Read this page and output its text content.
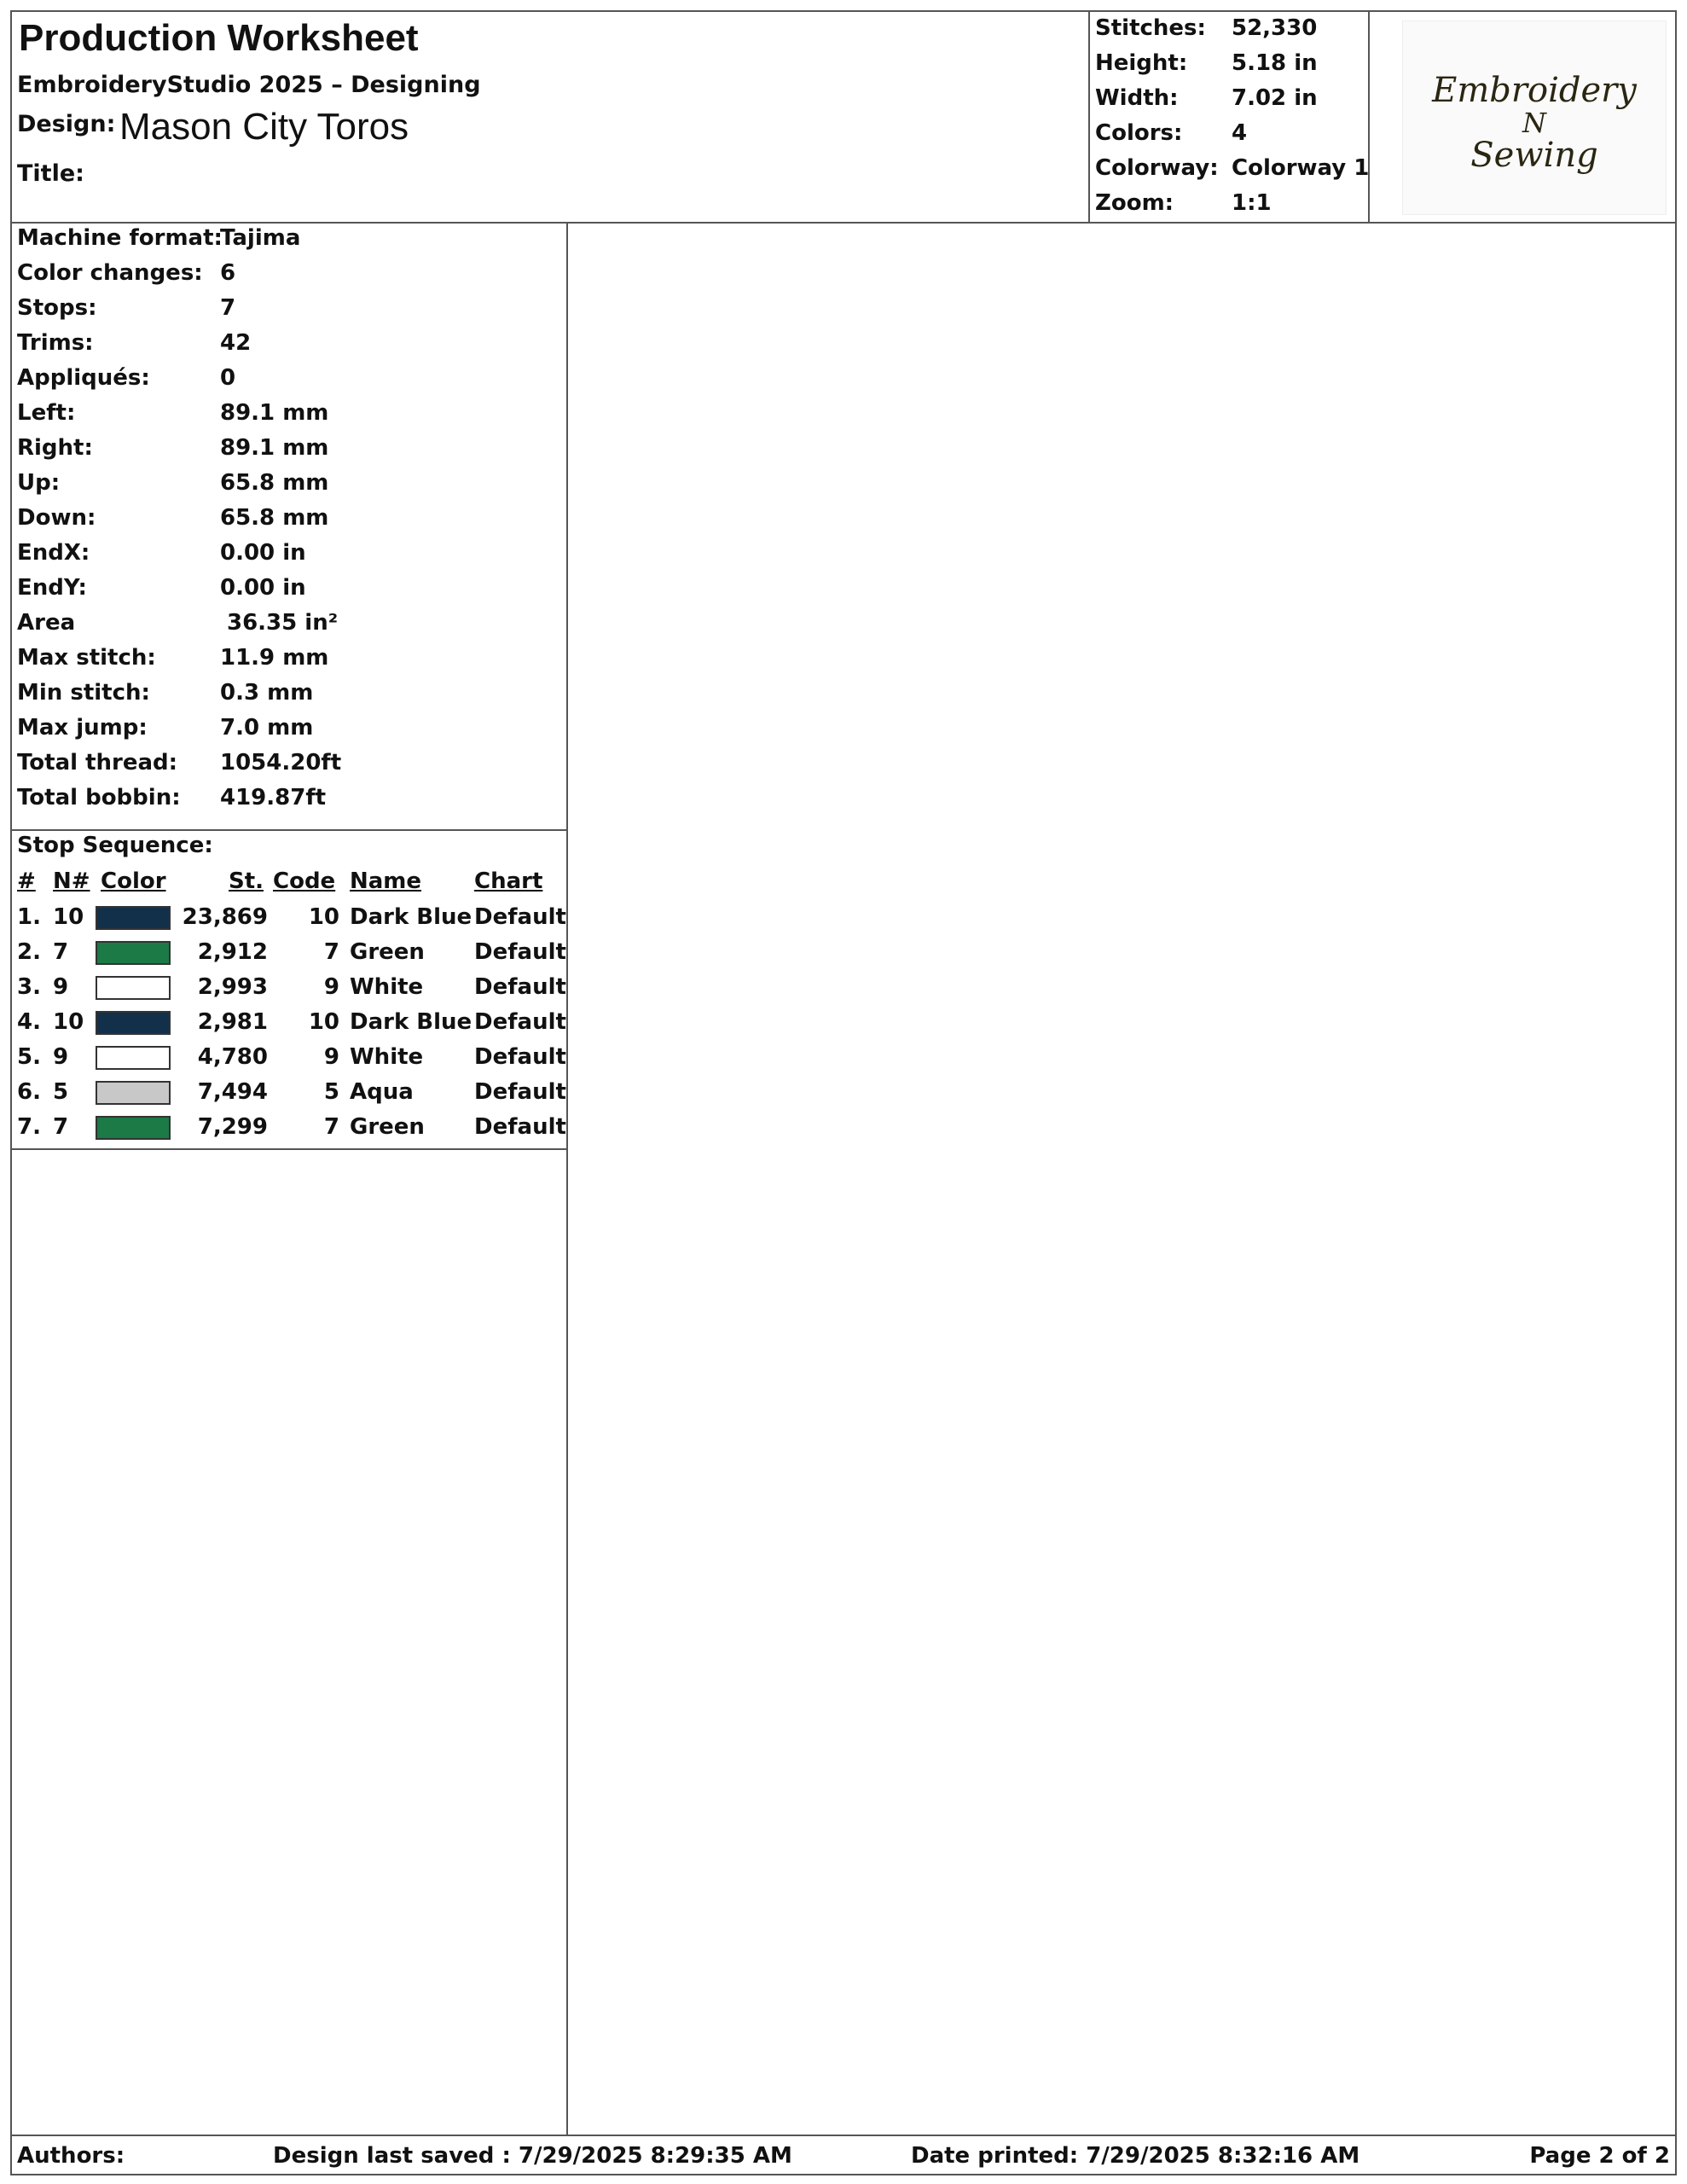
Production Worksheet
EmbroideryStudio 2025 – Designing
Design: Mason City Toros
Title:
Stitches: 52,330
Height: 5.18 in
Width: 7.02 in
Colors: 4
Colorway: Colorway 1
Zoom:	1:1
Embroidery
N
Sewing
Machine format:
Tajima
Color changes: 6
Stops:	7
Trims:	42
Appliqués:	0
Left:	89.1 mm
Right:	89.1 mm
Up:	65.8 mm
Down:	65.8 mm
EndX:	0.00 in
EndY:	0.00 in
Area	36.35 in²
Max stitch:	11.9 mm
Min stitch:	0.3 mm
Max jump:	7.0 mm
Total thread: 1054.20ft
Total bobbin: 419.87ft
Stop Sequence:
# N# Color	St. Code Name Chart
1. 10	23,869 10 Dark Blue Default
2. 7	2,912	7 Green Default
3. 9	2,993	9 White Default
4. 10	2,981 10 Dark Blue Default
5. 9	4,780	9 White Default
6. 5	7,494	5 Aqua	Default
7. 7	7,299	7 Green Default
Authors:	Design last saved : 7/29/2025 8:29:35 AM	Date printed: 7/29/2025 8:32:16 AM	Page 2 of 2
